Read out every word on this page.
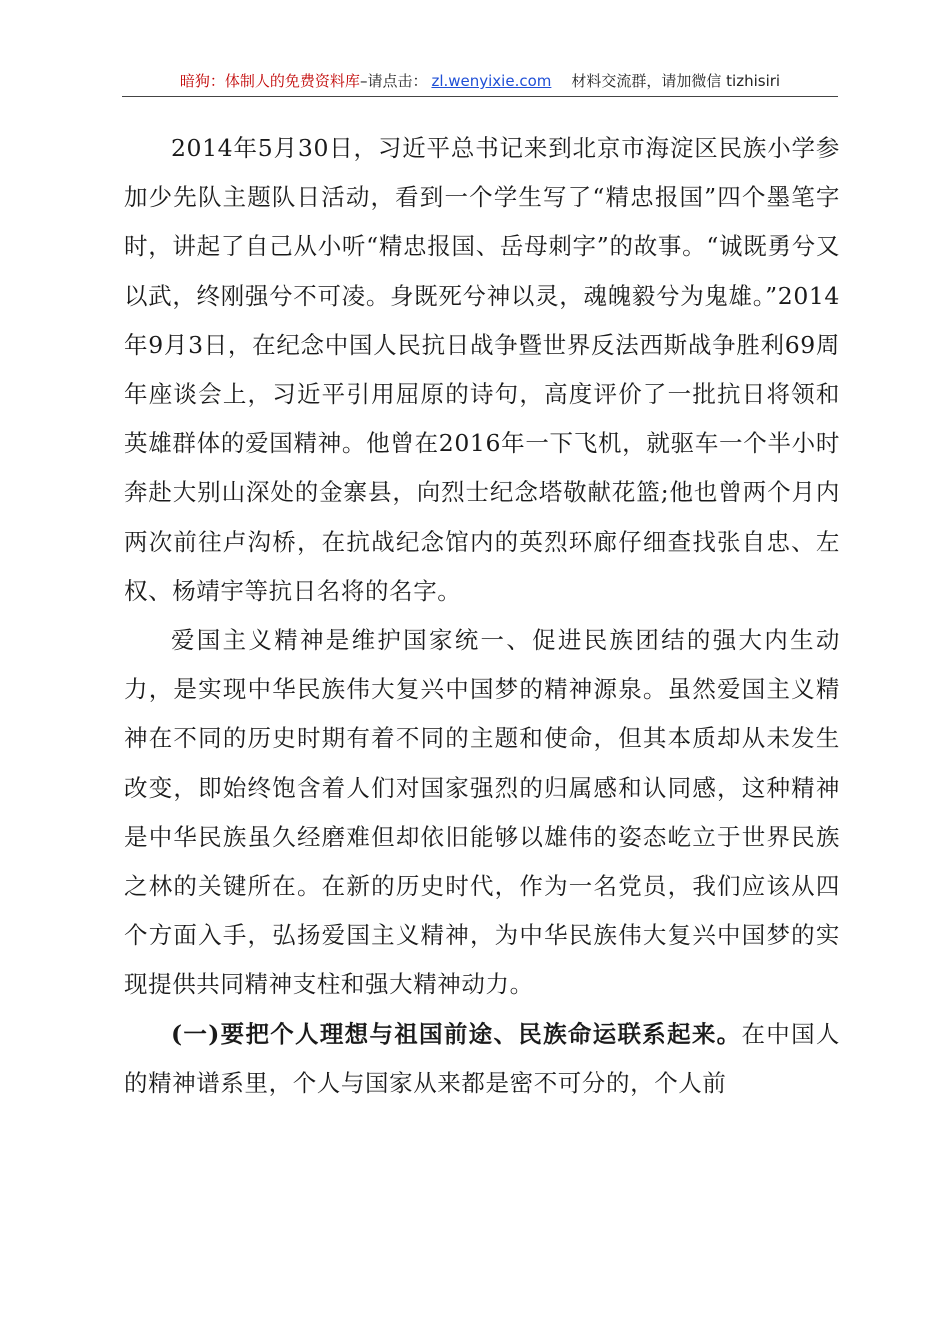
暗狗：体制人的免费资料库–请点击： zl.wenyixie.com 材料交流群，请加微信 tizhisiri

2014年5月30日，习近平总书记来到北京市海淀区民族小学参加少先队主题队日活动，看到一个学生写了“精忠报国”四个墨笔字时，讲起了自己从小听“精忠报国、岳母刺字”的故事。“诚既勇兮又以武，终刚强兮不可凌。身既死兮神以灵，魂魄毅兮为鬼雄。”2014年9月3日，在纪念中国人民抗日战争暨世界反法西斯战争胜利69周年座谈会上，习近平引用屈原的诗句，高度评价了一批抗日将领和英雄群体的爱国精神。他曾在2016年一下飞机，就驱车一个半小时奔赴大别山深处的金寨县，向烈士纪念塔敬献花篮;他也曾两个月内两次前往卢沟桥，在抗战纪念馆内的英烈环廊仔细查找张自忠、左权、杨靖宇等抗日名将的名字。

爱国主义精神是维护国家统一、促进民族团结的强大内生动力，是实现中华民族伟大复兴中国梦的精神源泉。虽然爱国主义精神在不同的历史时期有着不同的主题和使命，但其本质却从未发生改变，即始终饱含着人们对国家强烈的归属感和认同感，这种精神是中华民族虽久经磨难但却依旧能够以雄伟的姿态屹立于世界民族之林的关键所在。在新的历史时代，作为一名党员，我们应该从四个方面入手，弘扬爱国主义精神，为中华民族伟大复兴中国梦的实现提供共同精神支柱和强大精神动力。

(一)要把个人理想与祖国前途、民族命运联系起来。在中国人的精神谱系里，个人与国家从来都是密不可分的，个人前
